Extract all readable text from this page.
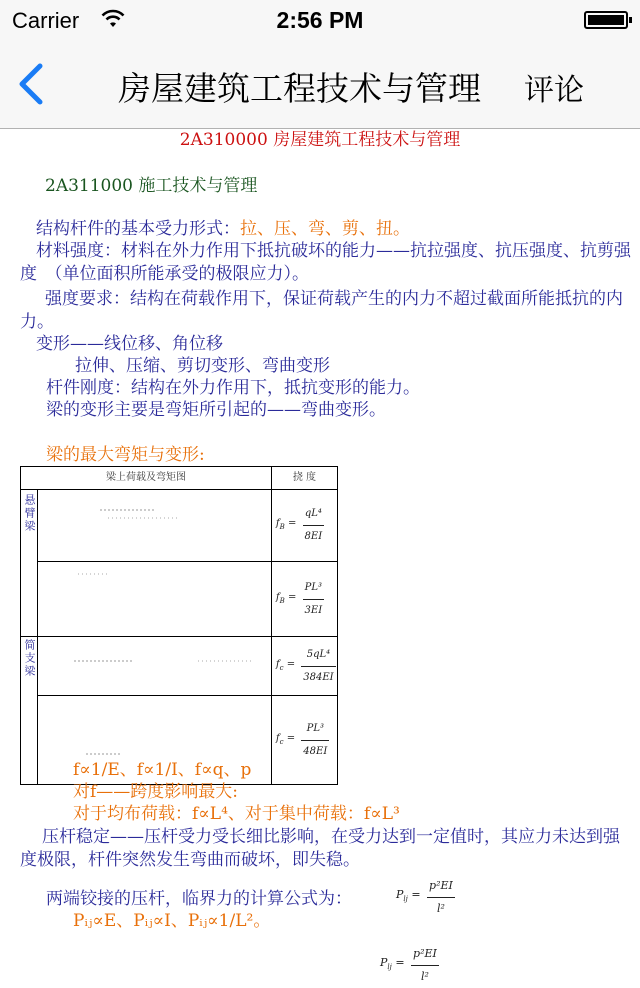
Carrier	2:56 PM
房屋建筑工程技术与管理 评论
2A310000 房屋建筑工程技术与管理
2A311000 施工技术与管理
结构杆件的基本受力形式：拉、压、弯、剪、扭。

材料强度：材料在外力作用下抵抗破坏的能力——抗拉强度、抗压强度、抗剪强度　（单位面积所能承受的极限应力）。

强度要求：结构在荷载作用下，保证荷载产生的内力不超过截面所能抵抗的内力。

变形——线位移、角位移
拉伸、压缩、剪切变形、弯曲变形
杆件刚度：结构在外力作用下，抵抗变形的能力。
梁的变形主要是弯矩所引起的——弯曲变形。
梁的最大弯矩与变形:
梁上荷载及弯矩图		挠 度
悬臂梁		$f_B = \frac{\text{qL⁴}}{8EI}$

	$f_B = \frac{\text{PL³}}{3EI}$

简支梁		$f_c = \frac{\text{5qL⁴}}{384EI}$

	$f_c = \frac{\text{PL³}}{48EI}$
f∝1/E、f∝1/I、f∝q、p
对f——跨度影响最大:
对于均布荷载：f∝L⁴、对于集中荷载：f∝L³

压杆稳定——压杆受力受长细比影响，在受力达到一定值时，其应力未达到强度极限，杆件突然发生弯曲而破坏，即失稳。

两端铰接的压杆，临界力的计算公式为：	$P_{lj} = \frac{\text{p²EI}}{\text{l²}}$
Pᵢⱼ∝E、Pᵢⱼ∝I、Pᵢⱼ∝1/L²。
$P_{lj} = \frac{\text{p²EI}}{\text{l²}}$
